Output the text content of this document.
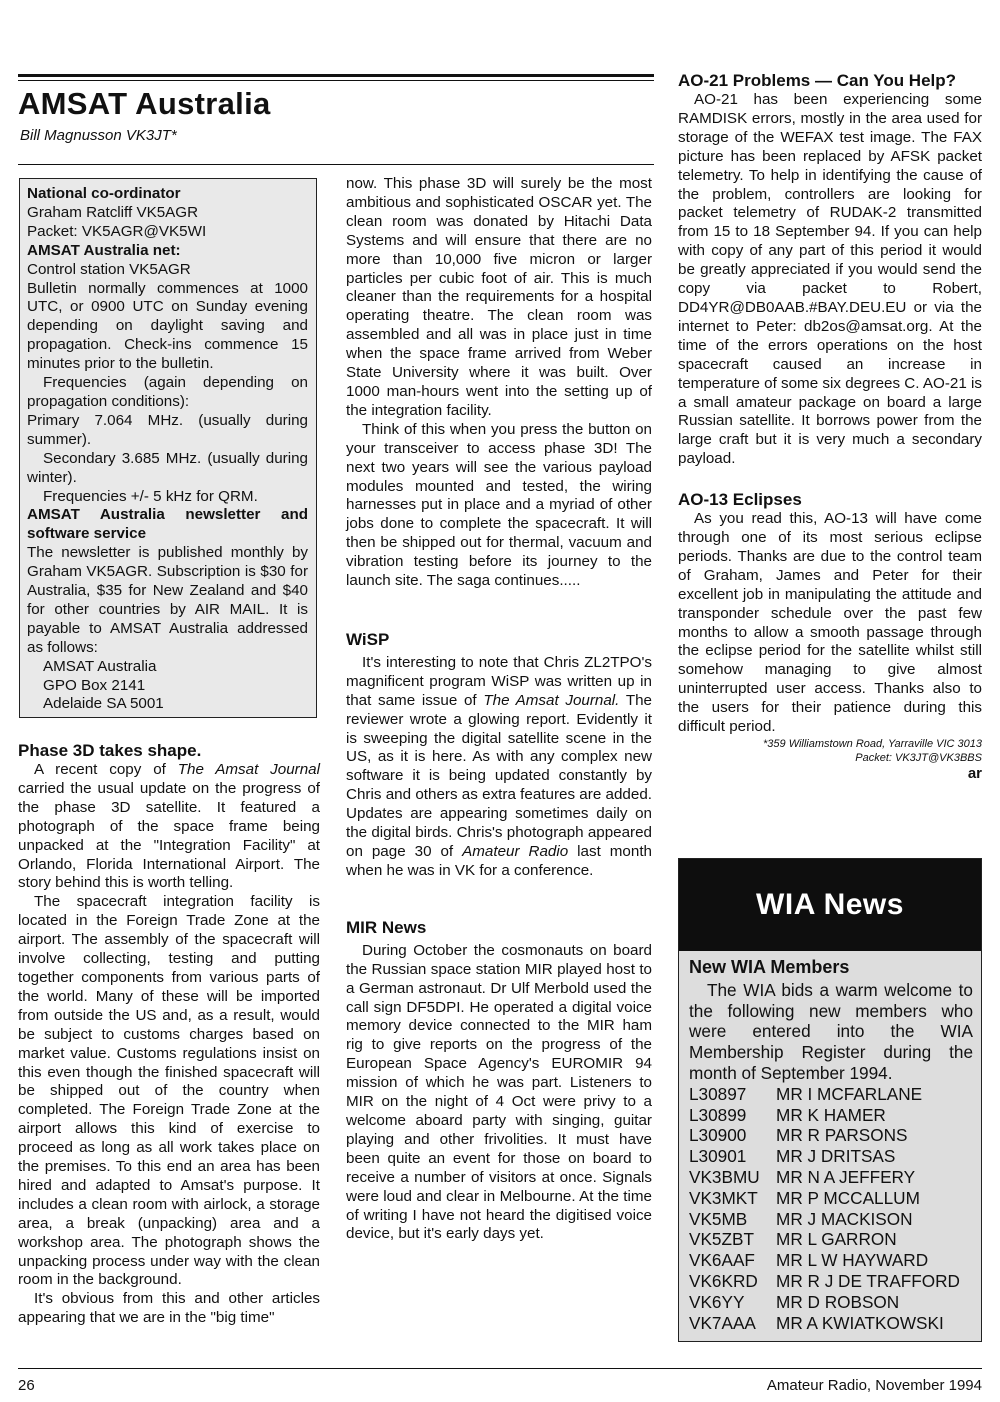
AMSAT Australia
Bill Magnusson VK3JT*

National co-ordinator

Graham Ratcliff VK5AGR

Packet: VK5AGR@VK5WI

AMSAT Australia net:

Control station VK5AGR

Bulletin normally commences at 1000 UTC, or 0900 UTC on Sunday evening depending on daylight saving and propagation. Check-ins commence 15 minutes prior to the bulletin.

Frequencies (again depending on propagation conditions):

Primary 7.064 MHz. (usually during summer).

Secondary 3.685 MHz. (usually during winter).

Frequencies +/- 5 kHz for QRM.

AMSAT Australia newsletter and software service

The newsletter is published monthly by Graham VK5AGR. Subscription is $30 for Australia, $35 for New Zealand and $40 for other countries by AIR MAIL. It is payable to AMSAT Australia addressed as follows:

AMSAT Australia

GPO Box 2141

Adelaide SA 5001

Phase 3D takes shape.

A recent copy of The Amsat Journal carried the usual update on the progress of the phase 3D satellite. It featured a photograph of the space frame being unpacked at the "Integration Facility" at Orlando, Florida International Airport. The story behind this is worth telling.

The spacecraft integration facility is located in the Foreign Trade Zone at the airport. The assembly of the spacecraft will involve collecting, testing and putting together components from various parts of the world. Many of these will be imported from outside the US and, as a result, would be subject to customs charges based on market value. Customs regulations insist on this even though the finished spacecraft will be shipped out of the country when completed. The Foreign Trade Zone at the airport allows this kind of exercise to proceed as long as all work takes place on the premises. To this end an area has been hired and adapted to Amsat's purpose. It includes a clean room with airlock, a storage area, a break (unpacking) area and a workshop area. The photograph shows the unpacking process under way with the clean room in the background.

It's obvious from this and other articles appearing that we are in the "big time"

now. This phase 3D will surely be the most ambitious and sophisticated OSCAR yet. The clean room was donated by Hitachi Data Systems and will ensure that there are no more than 10,000 five micron or larger particles per cubic foot of air. This is much cleaner than the requirements for a hospital operating theatre. The clean room was assembled and all was in place just in time when the space frame arrived from Weber State University where it was built. Over 1000 man-hours went into the setting up of the integration facility.

Think of this when you press the button on your transceiver to access phase 3D! The next two years will see the various payload modules mounted and tested, the wiring harnesses put in place and a myriad of other jobs done to complete the spacecraft. It will then be shipped out for thermal, vacuum and vibration testing before its journey to the launch site. The saga continues.....

WiSP

It's interesting to note that Chris ZL2TPO's magnificent program WiSP was written up in that same issue of The Amsat Journal. The reviewer wrote a glowing report. Evidently it is sweeping the digital satellite scene in the US, as it is here. As with any complex new software it is being updated constantly by Chris and others as extra features are added. Updates are appearing sometimes daily on the digital birds. Chris's photograph appeared on page 30 of Amateur Radio last month when he was in VK for a conference.

MIR News

During October the cosmonauts on board the Russian space station MIR played host to a German astronaut. Dr Ulf Merbold used the call sign DF5DPI. He operated a digital voice memory device connected to the MIR ham rig to give reports on the progress of the European Space Agency's EUROMIR 94 mission of which he was part. Listeners to MIR on the night of 4 Oct were privy to a welcome aboard party with singing, guitar playing and other frivolities. It must have been quite an event for those on board to receive a number of visitors at once. Signals were loud and clear in Melbourne. At the time of writing I have not heard the digitised voice device, but it's early days yet.

AO-21 Problems — Can You Help?

AO-21 has been experiencing some RAMDISK errors, mostly in the area used for storage of the WEFAX test image. The FAX picture has been replaced by AFSK packet telemetry. To help in identifying the cause of the problem, controllers are looking for packet telemetry of RUDAK-2 transmitted from 15 to 18 September 94. If you can help with copy of any part of this period it would be greatly appreciated if you would send the copy via packet to Robert, DD4YR@DB0AAB.#BAY.DEU.EU or via the internet to Peter: db2os@amsat.org. At the time of the errors operations on the host spacecraft caused an increase in temperature of some six degrees C. AO-21 is a small amateur package on board a large Russian satellite. It borrows power from the large craft but it is very much a secondary payload.

AO-13 Eclipses

As you read this, AO-13 will have come through one of its most serious eclipse periods. Thanks are due to the control team of Graham, James and Peter for their excellent job in manipulating the attitude and transponder schedule over the past few months to allow a smooth passage through the eclipse period for the satellite whilst still somehow managing to give almost uninterrupted user access. Thanks also to the users for their patience during this difficult period.

*359 Williamstown Road, Yarraville VIC 3013
Packet: VK3JT@VK3BBS
ar
WIA News
New WIA Members

The WIA bids a warm welcome to the following new members who were entered into the WIA Membership Register during the month of September 1994.

L30897	MR I MCFARLANE
L30899	MR K HAMER
L30900	MR R PARSONS
L30901	MR J DRITSAS
VK3BMU MR N A JEFFERY
VK3MKT	MR P MCCALLUM
VK5MB	MR J MACKISON
VK5ZBT	MR L GARRON
VK6AAF	MR L W HAYWARD
VK6KRD	MR R J DE TRAFFORD
VK6YY	MR D ROBSON
VK7AAA	MR A KWIATKOWSKI
26	Amateur Radio, November 1994
